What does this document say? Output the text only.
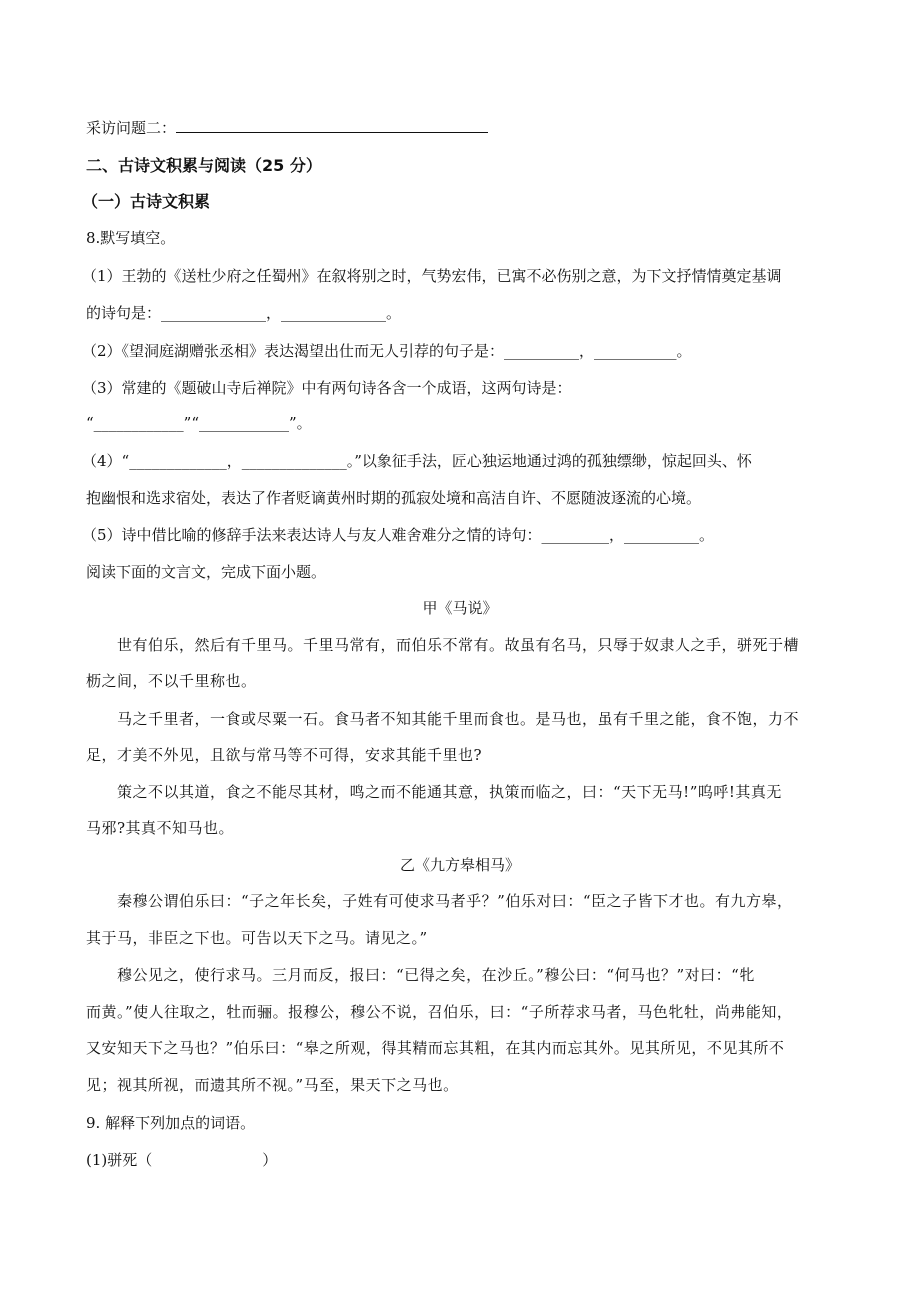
采访问题二：
二、古诗文积累与阅读（25 分）
（一）古诗文积累
8.默写填空。
（1）王勃的《送杜少府之任蜀州》在叙将别之时，气势宏伟，已寓不必伤别之意，为下文抒情情奠定基调
的诗句是：______________，______________。
（2）《望洞庭湖赠张丞相》表达渴望出仕而无人引荐的句子是：__________，___________。
（3）常建的《题破山寺后禅院》中有两句诗各含一个成语，这两句诗是：
“____________”“____________”。
（4）“_____________，______________。”以象征手法，匠心独运地通过鸿的孤独缥缈，惊起回头、怀
抱幽恨和选求宿处，表达了作者贬谪黄州时期的孤寂处境和高洁自许、不愿随波逐流的心境。
（5）诗中借比喻的修辞手法来表达诗人与友人难舍难分之情的诗句：_________，__________。
阅读下面的文言文，完成下面小题。
甲《马说》
世有伯乐，然后有千里马。千里马常有，而伯乐不常有。故虽有名马，只辱于奴隶人之手，骈死于槽
枥之间，不以千里称也。
马之千里者，一食或尽粟一石。食马者不知其能千里而食也。是马也，虽有千里之能，食不饱，力不
足，才美不外见，且欲与常马等不可得，安求其能千里也?
策之不以其道，食之不能尽其材，鸣之而不能通其意，执策而临之，曰：“天下无马!”呜呼!其真无
马邪?其真不知马也。
乙《九方皋相马》
秦穆公谓伯乐曰：“子之年长矣，子姓有可使求马者乎？”伯乐对曰：“臣之子皆下才也。有九方皋，
其于马，非臣之下也。可告以天下之马。请见之。”
穆公见之，使行求马。三月而反，报曰：“已得之矣，在沙丘。”穆公曰：“何马也？”对曰：“牝
而黄。”使人往取之，牡而骊。报穆公，穆公不说，召伯乐，曰：“子所荐求马者，马色牝牡，尚弗能知，
又安知天下之马也？”伯乐曰：“皋之所观，得其精而忘其粗，在其内而忘其外。见其所见，不见其所不
见；视其所视，而遗其所不视。”马至，果天下之马也。
9. 解释下列加点的词语。
(1)骈死（	）
